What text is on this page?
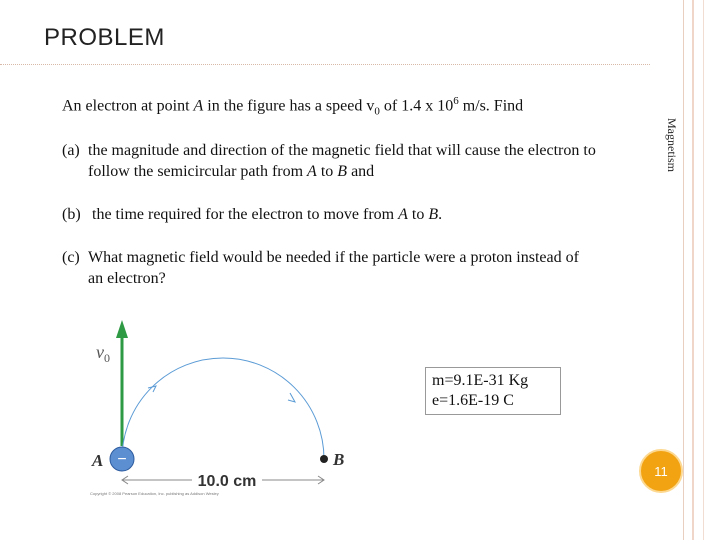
PROBLEM
Magnetism
An electron at point A in the figure has a speed $v_0$ of 1.4 x $10^6$ m/s. Find
(a) the magnitude and direction of the magnetic field that will cause the electron to
follow the semicircular path from A to B and
(b) the time required for the electron to move from A to B.
(c) What magnetic field would be needed if the particle were a proton instead of
an electron?
$v_0$
−
A	B
10.0 cm
Copyright © 2008 Pearson Education, Inc. publishing as Addison Wesley
m=9.1E-31 Kg
e=1.6E-19 C
11
